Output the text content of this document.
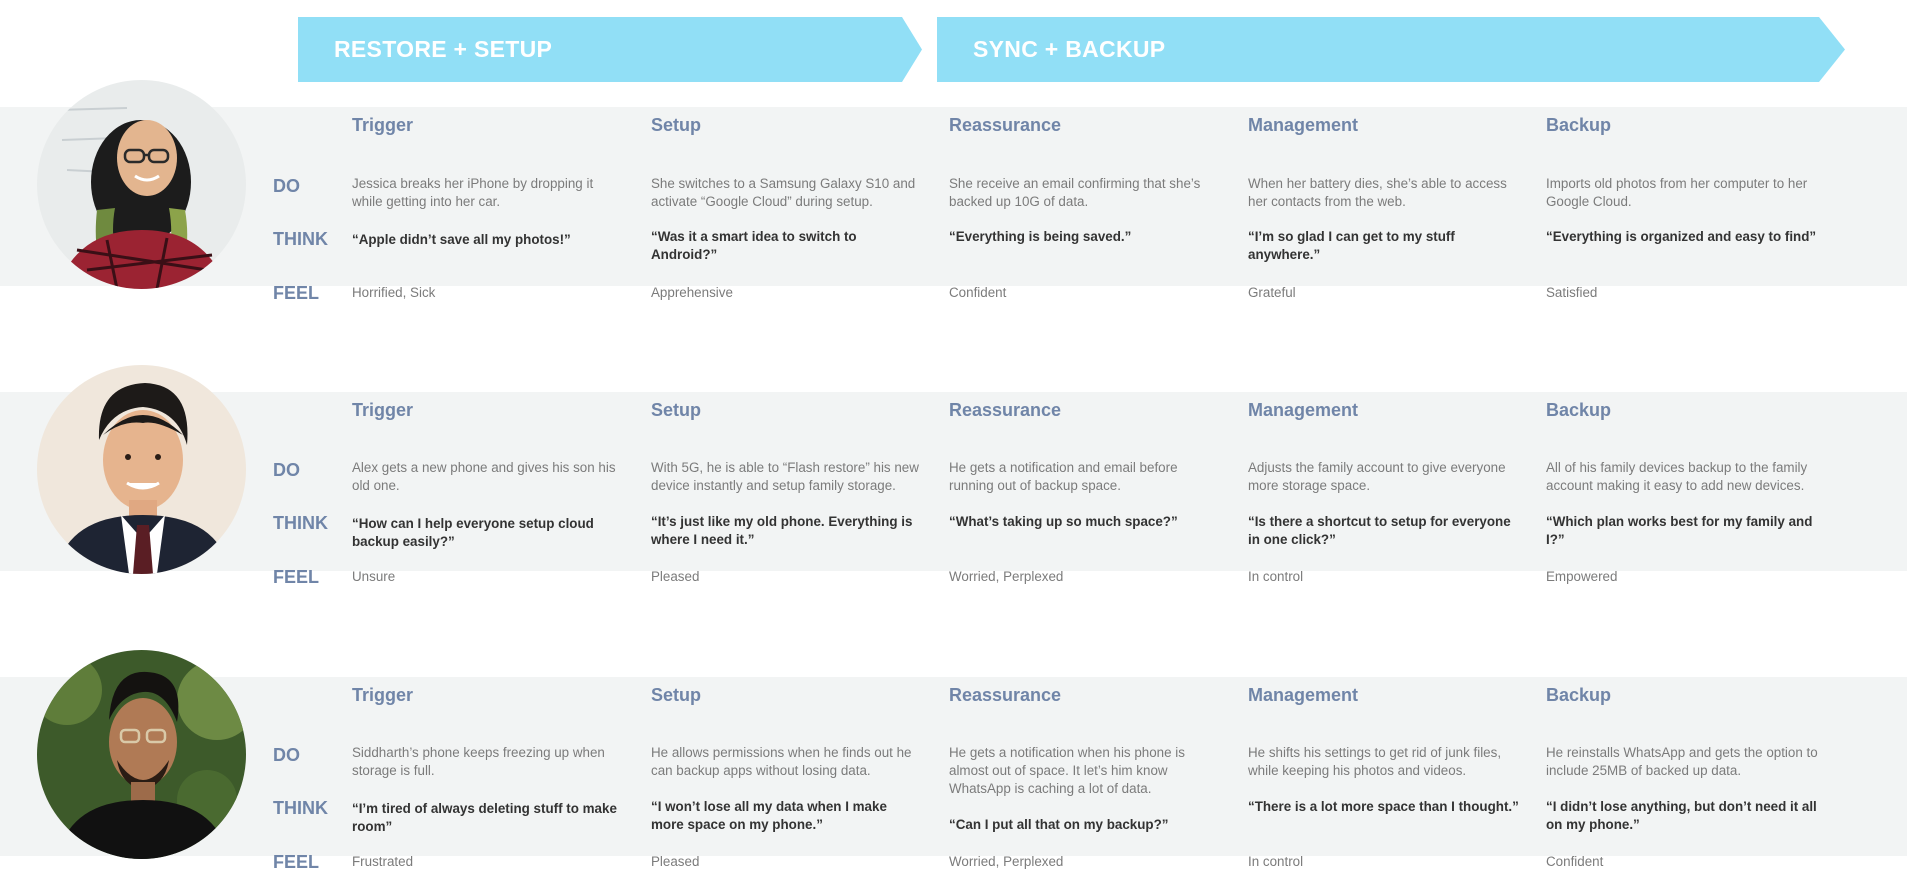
RESTORE + SETUP	SYNC + BACKUP
DO
THINK
FEEL
Trigger
Jessica breaks her iPhone by dropping it while getting into her car.
“Apple didn’t save all my photos!”
Horrified, Sick
Setup
She switches to a Samsung Galaxy S10 and activate “Google Cloud” during setup.
“Was it a smart idea to switch to Android?”
Apprehensive
Reassurance
She receive an email confirming that she’s backed up 10G of data.
“Everything is being saved.”
Confident
Management
When her battery dies, she’s able to access her contacts from the web.
“I’m so glad I can get to my stuff anywhere.”
Grateful
Backup
Imports old photos from her computer to her Google Cloud.
“Everything is organized and easy to find”
Satisfied
DO
THINK
FEEL
Trigger
Alex gets a new phone and gives his son his old one.
“How can I help everyone setup cloud backup easily?”
Unsure
Setup
With 5G, he is able to “Flash restore” his new device instantly and setup family storage.
“It’s just like my old phone. Everything is where I need it.”
Pleased
Reassurance
He gets a notification and email before running out of backup space.
“What’s taking up so much space?”
Worried, Perplexed
Management
Adjusts the family account to give everyone more storage space.
“Is there a shortcut to setup for everyone in one click?”
In control
Backup
All of his family devices backup to the family account making it easy to add new devices.
“Which plan works best for my family and I?”
Empowered
DO
THINK
FEEL
Trigger
Siddharth’s phone keeps freezing up when storage is full.
“I’m tired of always deleting stuff to make room”
Frustrated
Setup
He allows permissions when he finds out he can backup apps without losing data.
“I won’t lose all my data when I make more space on my phone.”
Pleased
Reassurance
He gets a notification when his phone is almost out of space. It let’s him know WhatsApp is caching a lot of data.
“Can I put all that on my backup?”
Worried, Perplexed
Management
He shifts his settings to get rid of junk files, while keeping his photos and videos.
“There is a lot more space than I thought.”
In control
Backup
He reinstalls WhatsApp and gets the option to include 25MB of backed up data.
“I didn’t lose anything, but don’t need it all on my phone.”
Confident
